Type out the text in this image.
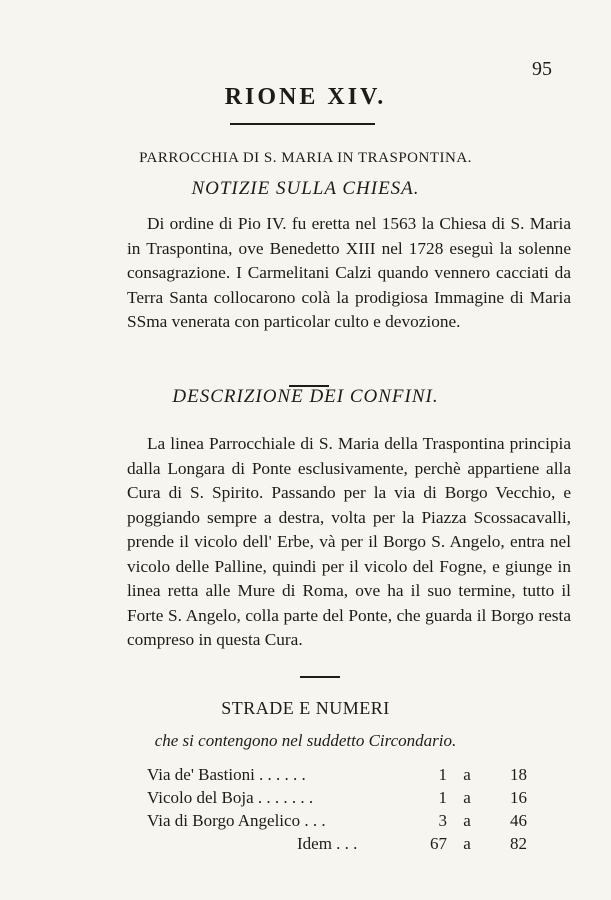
95
RIONE XIV.
PARROCCHIA DI S. MARIA IN TRASPONTINA.
NOTIZIE SULLA CHIESA.
Di ordine di Pio IV. fu eretta nel 1563 la Chiesa di S. Maria in Traspontina, ove Benedetto XIII nel 1728 eseguì la solenne consagrazione. I Carmelitani Calzi quando vennero cacciati da Terra Santa collocarono colà la prodigiosa Immagine di Maria SSma venerata con particolar culto e devozione.
DESCRIZIONE DEI CONFINI.
La linea Parrocchiale di S. Maria della Traspontina principia dalla Longara di Ponte esclusivamente, perchè appartiene alla Cura di S. Spirito. Passando per la via di Borgo Vecchio, e poggiando sempre a destra, volta per la Piazza Scossacavalli, prende il vicolo dell' Erbe, và per il Borgo S. Angelo, entra nel vicolo delle Palline, quindi per il vicolo del Fogne, e giunge in linea retta alle Mure di Roma, ove ha il suo termine, tutto il Forte S. Angelo, colla parte del Ponte, che guarda il Borgo resta compreso in questa Cura.
STRADE E NUMERI
che si contengono nel suddetto Circondario.
Via de' Bastioni . . . . . .	1 a	18
Vicolo del Boja . . . . . . .	1 a	16
Via di Borgo Angelico . . .	3 a	46
Idem . . .	67 a	82
